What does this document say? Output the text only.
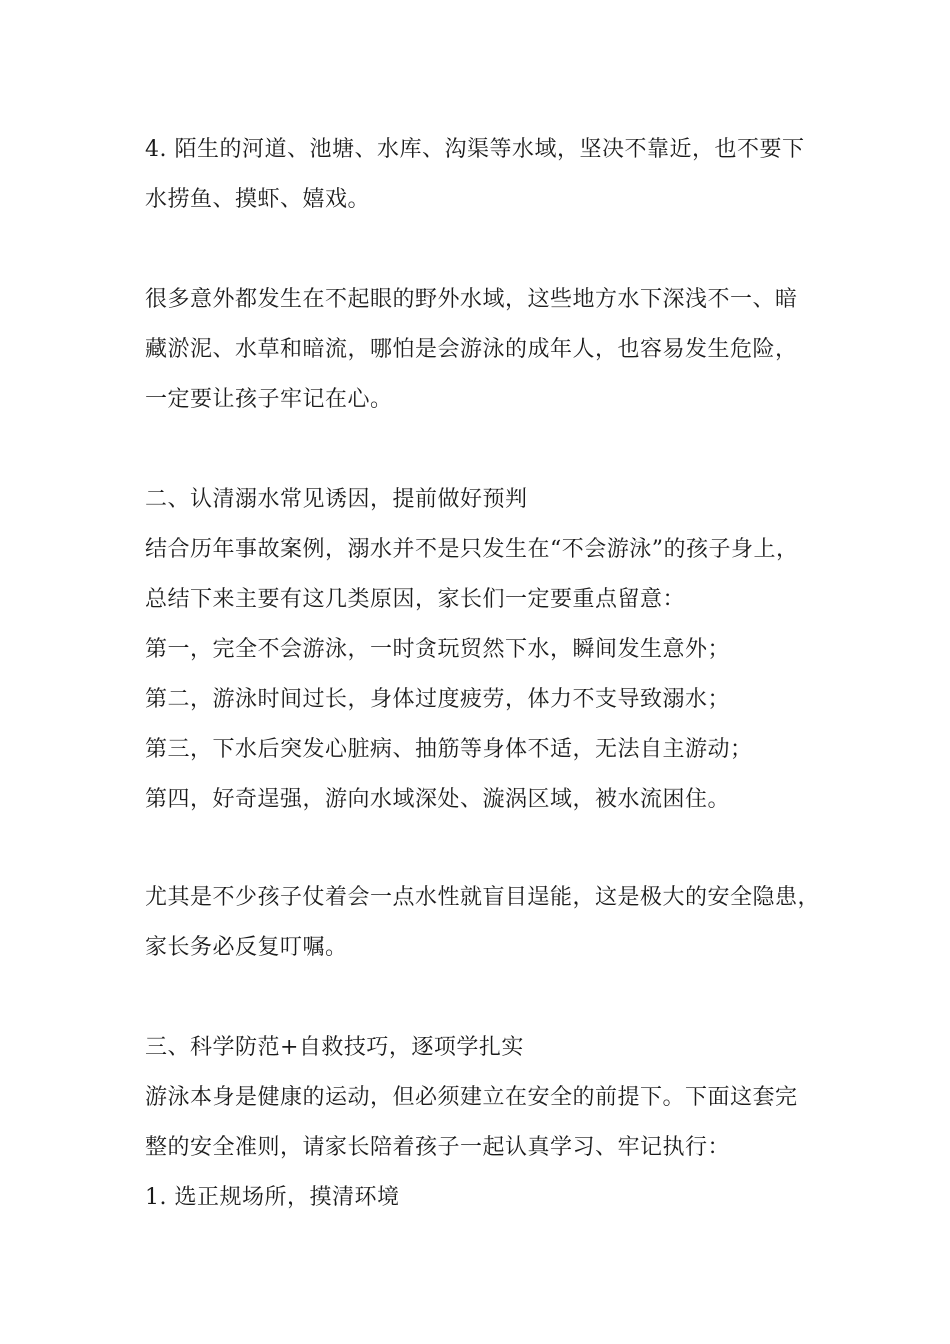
4. 陌生的河道、池塘、水库、沟渠等水域，坚决不靠近，也不要下
水捞鱼、摸虾、嬉戏。
很多意外都发生在不起眼的野外水域，这些地方水下深浅不一、暗
藏淤泥、水草和暗流，哪怕是会游泳的成年人，也容易发生危险，
一定要让孩子牢记在心。
二、认清溺水常见诱因，提前做好预判
结合历年事故案例，溺水并不是只发生在“不会游泳”的孩子身上，
总结下来主要有这几类原因，家长们一定要重点留意：
第一，完全不会游泳，一时贪玩贸然下水，瞬间发生意外；
第二，游泳时间过长，身体过度疲劳，体力不支导致溺水；
第三，下水后突发心脏病、抽筋等身体不适，无法自主游动；
第四，好奇逞强，游向水域深处、漩涡区域，被水流困住。
尤其是不少孩子仗着会一点水性就盲目逞能，这是极大的安全隐患，
家长务必反复叮嘱。
三、科学防范+自救技巧，逐项学扎实
游泳本身是健康的运动，但必须建立在安全的前提下。下面这套完
整的安全准则，请家长陪着孩子一起认真学习、牢记执行：
1. 选正规场所，摸清环境
